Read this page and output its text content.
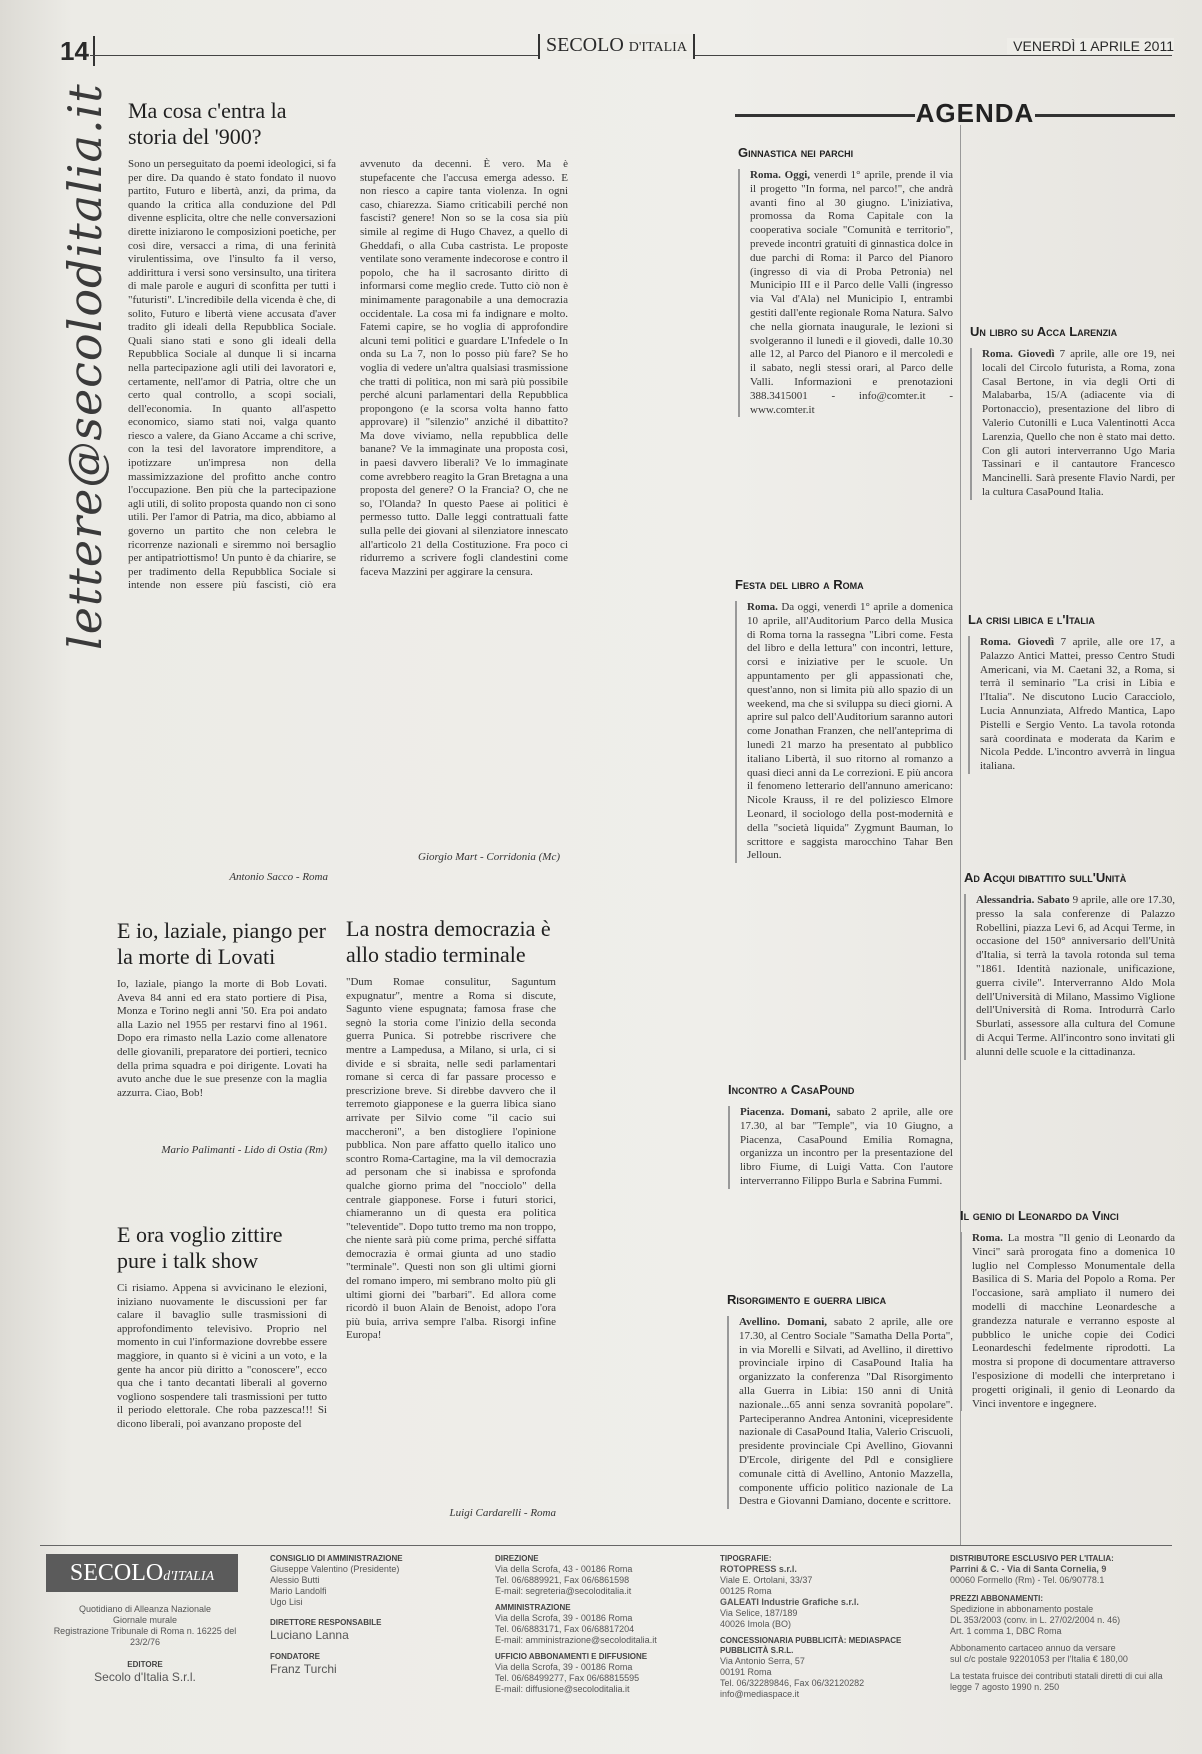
14	SECOLO D'ITALIA	VENERDÌ 1 APRILE 2011
lettere@secoloditalia.it Ma cosa c'entra la storia del '900?
Sono un perseguitato da poemi ideologici, si fa per dire. Da quando è stato fondato il nuovo partito, Futuro e libertà, anzi, da prima, da quando la critica alla conduzione del Pdl divenne esplicita, oltre che nelle conversazioni dirette iniziarono le composizioni poetiche, per così dire, versacci a rima, di una ferinità virulentissima, ove l'insulto fa il verso, addirittura i versi sono versinsulto, una tiritera di male parole e auguri di sconfitta per tutti i "futuristi". L'incredibile della vicenda è che, di solito, Futuro e libertà viene accusata d'aver tradito gli ideali della Repubblica Sociale. Quali siano stati e sono gli ideali della Repubblica Sociale al dunque lì si incarna nella partecipazione agli utili dei lavoratori e, certamente, nell'amor di Patria, oltre che un certo qual controllo, a scopi sociali, dell'economia. In quanto all'aspetto economico, siamo stati noi, valga quanto riesco a valere, da Giano Accame a chi scrive, con la tesi del lavoratore imprenditore, a ipotizzare un'impresa non della massimizzazione del profitto anche contro l'occupazione. Ben più che la partecipazione agli utili, di solito proposta quando non ci sono utili. Per l'amor di Patria, ma dico, abbiamo al governo un partito che non celebra le ricorrenze nazionali e siremmo noi bersaglio per antipatriottismo! Un punto è da chiarire, se per tradimento della Repubblica Sociale si intende non essere più fascisti, ciò era avvenuto da decenni. È vero. Ma è stupefacente che l'accusa emerga adesso. E non riesco a capire tanta violenza. In ogni caso, chiarezza. Siamo criticabili perché non fascisti? genere! Non so se la cosa sia più simile al regime di Hugo Chavez, a quello di Gheddafi, o alla Cuba castrista. Le proposte ventilate sono veramente indecorose e contro il popolo, che ha il sacrosanto diritto di informarsi come meglio crede. Tutto ciò non è minimamente paragonabile a una democrazia occidentale. La cosa mi fa indignare e molto. Fatemi capire, se ho voglia di approfondire alcuni temi politici e guardare L'Infedele o In onda su La 7, non lo posso più fare? Se ho voglia di vedere un'altra qualsiasi trasmissione che tratti di politica, non mi sarà più possibile perché alcuni parlamentari della Repubblica propongono (e la scorsa volta hanno fatto approvare) il "silenzio" anziché il dibattito? Ma dove viviamo, nella repubblica delle banane? Ve la immaginate una proposta così, in paesi davvero liberali? Ve lo immaginate come avrebbero reagito la Gran Bretagna a una proposta del genere? O la Francia? O, che ne so, l'Olanda? In questo Paese ai politici è permesso tutto. Dalle leggi contrattuali fatte sulla pelle dei giovani al silenziatore innescato all'articolo 21 della Costituzione. Fra poco ci ridurremo a scrivere fogli clandestini come faceva Mazzini per aggirare la censura.
Antonio Sacco - Roma
Giorgio Mart - Corridonia (Mc)
E io, laziale, piango per la morte di Lovati
Io, laziale, piango la morte di Bob Lovati. Aveva 84 anni ed era stato portiere di Pisa, Monza e Torino negli anni '50. Era poi andato alla Lazio nel 1955 per restarvi fino al 1961. Dopo era rimasto nella Lazio come allenatore delle giovanili, preparatore dei portieri, tecnico della prima squadra e poi dirigente. Lovati ha avuto anche due le sue presenze con la maglia azzurra. Ciao, Bob!
Mario Palimanti - Lido di Ostia (Rm)
E ora voglio zittire pure i talk show
Ci risiamo. Appena si avvicinano le elezioni, iniziano nuovamente le discussioni per far calare il bavaglio sulle trasmissioni di approfondimento televisivo. Proprio nel momento in cui l'informazione dovrebbe essere maggiore, in quanto si è vicini a un voto, e la gente ha ancor più diritto a "conoscere", ecco qua che i tanto decantati liberali al governo vogliono sospendere tali trasmissioni per tutto il periodo elettorale. Che roba pazzesca!!! Si dicono liberali, poi avanzano proposte del
La nostra democrazia è allo stadio terminale
"Dum Romae consulitur, Saguntum expugnatur", mentre a Roma si discute, Sagunto viene espugnata; famosa frase che segnò la storia come l'inizio della seconda guerra Punica. Si potrebbe riscrivere che mentre a Lampedusa, a Milano, si urla, ci si divide e si sbraita, nelle sedi parlamentari romane si cerca di far passare processo e prescrizione breve. Si direbbe davvero che il terremoto giapponese e la guerra libica siano arrivate per Silvio come "il cacio sui maccheroni", a ben distogliere l'opinione pubblica. Non pare affatto quello italico uno scontro Roma-Cartagine, ma la vil democrazia ad personam che si inabissa e sprofonda qualche giorno prima del "nocciolo" della centrale giapponese. Forse i futuri storici, chiameranno un di questa era politica "televentide". Dopo tutto tremo ma non troppo, che niente sarà più come prima, perché siffatta democrazia è ormai giunta ad uno stadio "terminale". Questi non son gli ultimi giorni del romano impero, mi sembrano molto più gli ultimi giorni dei "barbari". Ed allora come ricordò il buon Alain de Benoist, adopo l'ora più buia, arriva sempre l'alba. Risorgi infine Europa!
Luigi Cardarelli - Roma
AGENDA
Ginnastica nei parchi
Roma. Oggi, venerdì 1° aprile, prende il via il progetto "In forma, nel parco!", che andrà avanti fino al 30 giugno. L'iniziativa, promossa da Roma Capitale con la cooperativa sociale "Comunità e territorio", prevede incontri gratuiti di ginnastica dolce in due parchi di Roma: il Parco del Pianoro (ingresso di via di Proba Petronia) nel Municipio III e il Parco delle Valli (ingresso via Val d'Ala) nel Municipio I, entrambi gestiti dall'ente regionale Roma Natura. Salvo che nella giornata inaugurale, le lezioni si svolgeranno il lunedì e il giovedì, dalle 10.30 alle 12, al Parco del Pianoro e il mercoledì e il sabato, negli stessi orari, al Parco delle Valli. Informazioni e prenotazioni 388.3415001 - info@comter.it - www.comter.it
Festa del libro a Roma
Roma. Da oggi, venerdì 1° aprile a domenica 10 aprile, all'Auditorium Parco della Musica di Roma torna la rassegna "Libri come. Festa del libro e della lettura" con incontri, letture, corsi e iniziative per le scuole. Un appuntamento per gli appassionati che, quest'anno, non si limita più allo spazio di un weekend, ma che si sviluppa su dieci giorni. A aprire sul palco dell'Auditorium saranno autori come Jonathan Franzen, che nell'anteprima di lunedì 21 marzo ha presentato al pubblico italiano Libertà, il suo ritorno al romanzo a quasi dieci anni da Le correzioni. E più ancora il fenomeno letterario dell'annuno americano: Nicole Krauss, il re del poliziesco Elmore Leonard, il sociologo della post-modernità e della "società liquida" Zygmunt Bauman, lo scrittore e saggista marocchino Tahar Ben Jelloun.
Incontro a CasaPound
Piacenza. Domani, sabato 2 aprile, alle ore 17.30, al bar "Temple", via 10 Giugno, a Piacenza, CasaPound Emilia Romagna, organizza un incontro per la presentazione del libro Fiume, di Luigi Vatta. Con l'autore interverranno Filippo Burla e Sabrina Fummi.
Risorgimento e guerra libica
Avellino. Domani, sabato 2 aprile, alle ore 17.30, al Centro Sociale "Samatha Della Porta", in via Morelli e Silvati, ad Avellino, il direttivo provinciale irpino di CasaPound Italia ha organizzato la conferenza "Dal Risorgimento alla Guerra in Libia: 150 anni di Unità nazionale...65 anni senza sovranità popolare". Parteciperanno Andrea Antonini, vicepresidente nazionale di CasaPound Italia, Valerio Criscuoli, presidente provinciale Cpi Avellino, Giovanni D'Ercole, dirigente del Pdl e consigliere comunale città di Avellino, Antonio Mazzella, componente ufficio politico nazionale de La Destra e Giovanni Damiano, docente e scrittore.
Un libro su Acca Larenzia
Roma. Giovedì 7 aprile, alle ore 19, nei locali del Circolo futurista, a Roma, zona Casal Bertone, in via degli Orti di Malabarba, 15/A (adiacente via di Portonaccio), presentazione del libro di Valerio Cutonilli e Luca Valentinotti Acca Larenzia, Quello che non è stato mai detto. Con gli autori interverranno Ugo Maria Tassinari e il cantautore Francesco Mancinelli. Sarà presente Flavio Nardi, per la cultura CasaPound Italia.
La crisi libica e l'Italia
Roma. Giovedì 7 aprile, alle ore 17, a Palazzo Antici Mattei, presso Centro Studi Americani, via M. Caetani 32, a Roma, si terrà il seminario "La crisi in Libia e l'Italia". Ne discutono Lucio Caracciolo, Lucia Annunziata, Alfredo Mantica, Lapo Pistelli e Sergio Vento. La tavola rotonda sarà coordinata e moderata da Karim e Nicola Pedde. L'incontro avverrà in lingua italiana.
Ad Acqui dibattito sull'Unità
Alessandria. Sabato 9 aprile, alle ore 17.30, presso la sala conferenze di Palazzo Robellini, piazza Levi 6, ad Acqui Terme, in occasione del 150° anniversario dell'Unità d'Italia, si terrà la tavola rotonda sul tema "1861. Identità nazionale, unificazione, guerra civile". Interverranno Aldo Mola dell'Università di Milano, Massimo Viglione dell'Università di Roma. Introdurrà Carlo Sburlati, assessore alla cultura del Comune di Acqui Terme. All'incontro sono invitati gli alunni delle scuole e la cittadinanza.
Il genio di Leonardo da Vinci
Roma. La mostra "Il genio di Leonardo da Vinci" sarà prorogata fino a domenica 10 luglio nel Complesso Monumentale della Basilica di S. Maria del Popolo a Roma. Per l'occasione, sarà ampliato il numero dei modelli di macchine Leonardesche a grandezza naturale e verranno esposte al pubblico le uniche copie dei Codici Leonardeschi fedelmente riprodotti. La mostra si propone di documentare attraverso l'esposizione di modelli che interpretano i progetti originali, il genio di Leonardo da Vinci inventore e ingegnere.
SECOLOd'ITALIA
Quotidiano di Alleanza Nazionale
Giornale murale
Registrazione Tribunale di Roma n. 16225 del 23/2/76
EDITORE
Secolo d'Italia S.r.l.
CONSIGLIO DI AMMINISTRAZIONE
Giuseppe Valentino (Presidente)
Alessio Butti
Mario Landolfi
Ugo Lisi
DIRETTORE RESPONSABILE
Luciano Lanna
FONDATORE
Franz Turchi
DIREZIONE
Via della Scrofa, 43 - 00186 Roma
Tel. 06/6889921, Fax 06/6861598
E-mail: segreteria@secoloditalia.it
AMMINISTRAZIONE
Via della Scrofa, 39 - 00186 Roma
Tel. 06/6883171, Fax 06/68817204
E-mail: amministrazione@secoloditalia.it
UFFICIO ABBONAMENTI E DIFFUSIONE
Via della Scrofa, 39 - 00186 Roma
Tel. 06/68499277, Fax 06/68815595
E-mail: diffusione@secoloditalia.it
TIPOGRAFIE:
ROTOPRESS s.r.l.
Viale E. Ortolani, 33/37
00125 Roma
GALEATI Industrie Grafiche s.r.l.
Via Selice, 187/189
40026 Imola (BO)
CONCESSIONARIA PUBBLICITÀ: MEDIASPACE PUBBLICITÀ S.R.L.
Via Antonio Serra, 57
00191 Roma
Tel. 06/32289846, Fax 06/32120282
info@mediaspace.it
DISTRIBUTORE ESCLUSIVO PER L'ITALIA:
Parrini & C. - Via di Santa Cornelia, 9
00060 Formello (Rm) - Tel. 06/90778.1
PREZZI ABBONAMENTI:
Spedizione in abbonamento postale
DL 353/2003 (conv. in L. 27/02/2004 n. 46)
Art. 1 comma 1, DBC Roma
Abbonamento cartaceo annuo da versare
sul c/c postale 92201053 per l'Italia € 180,00
La testata fruisce dei contributi statali diretti di cui alla legge 7 agosto 1990 n. 250
